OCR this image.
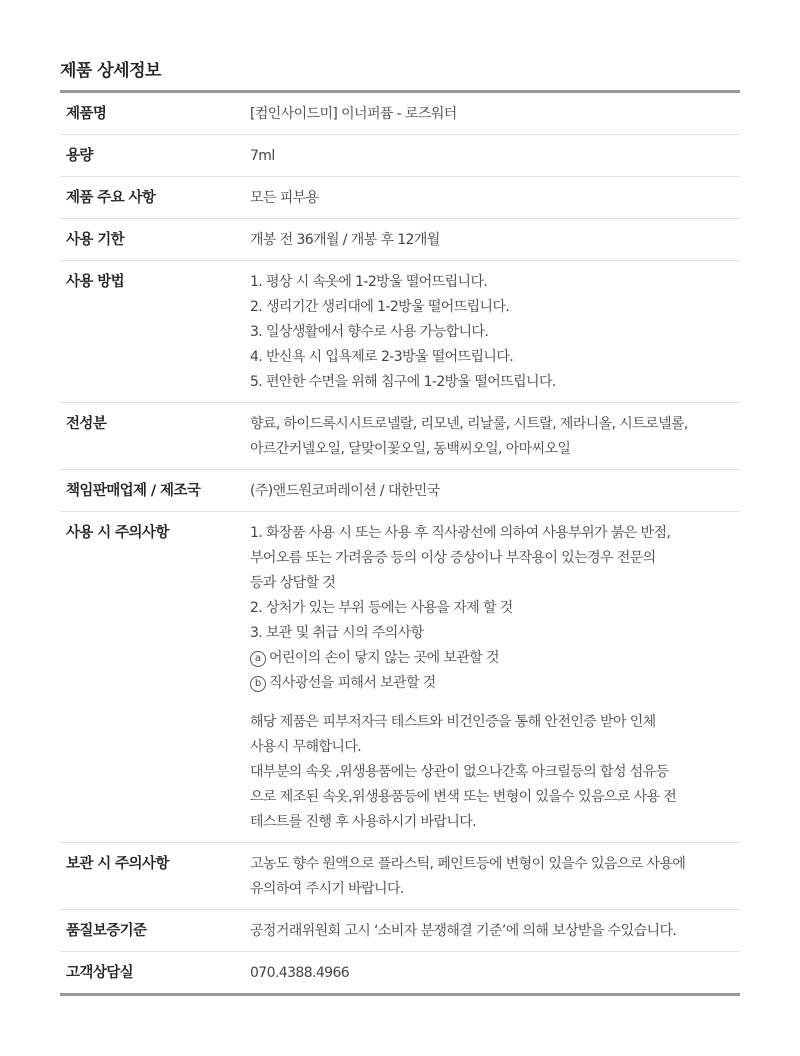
제품 상세정보
제품명	[컴인사이드미] 이너퍼퓸 - 로즈워터
용량	7ml
제품 주요 사항	모든 피부용
사용 기한	개봉 전 36개월 / 개봉 후 12개월
사용 방법	1. 평상 시 속옷에 1-2방울 떨어뜨립니다.
2. 생리기간 생리대에 1-2방울 떨어뜨립니다.
3. 일상생활에서 향수로 사용 가능합니다.
4. 반신욕 시 입욕제로 2-3방울 떨어뜨립니다.
5. 편안한 수면을 위해 침구에 1-2방울 떨어뜨립니다.
전성분	향료, 하이드록시시트로넬랄, 리모넨, 리날룰, 시트랄, 제라니올, 시트로넬롤,
아르간커넬오일, 달맞이꽃오일, 동백씨오일, 아마씨오일
책임판매업제 / 제조국	(주)앤드원코퍼레이션 / 대한민국
사용 시 주의사항	1. 화장품 사용 시 또는 사용 후 직사광선에 의하여 사용부위가 붉은 반점,
부어오름 또는 가려움증 등의 이상 증상이나 부작용이 있는경우 전문의
등과 상담할 것
2. 상처가 있는 부위 등에는 사용을 자제 할 것
3. 보관 및 취급 시의 주의사항
a 어린이의 손이 닿지 않는 곳에 보관할 것
b 직사광선을 피해서 보관할 것
해당 제품은 피부저자극 테스트와 비건인증을 통해 안전인증 받아 인체
사용시 무해합니다.
대부분의 속옷 ,위생용품에는 상관이 없으나간혹 아크릴등의 합성 섬유등
으로 제조된 속옷,위생용품등에 변색 또는 변형이 있을수 있음으로 사용 전
테스트를 진행 후 사용하시기 바랍니다.
보관 시 주의사항	고농도 향수 원액으로 플라스틱, 페인트등에 변형이 있을수 있음으로 사용에
유의하여 주시기 바랍니다.
품질보증기준	공정거래위원회 고시 ‘소비자 분쟁해결 기준’에 의해 보상받을 수있습니다.
고객상담실	070.4388.4966
